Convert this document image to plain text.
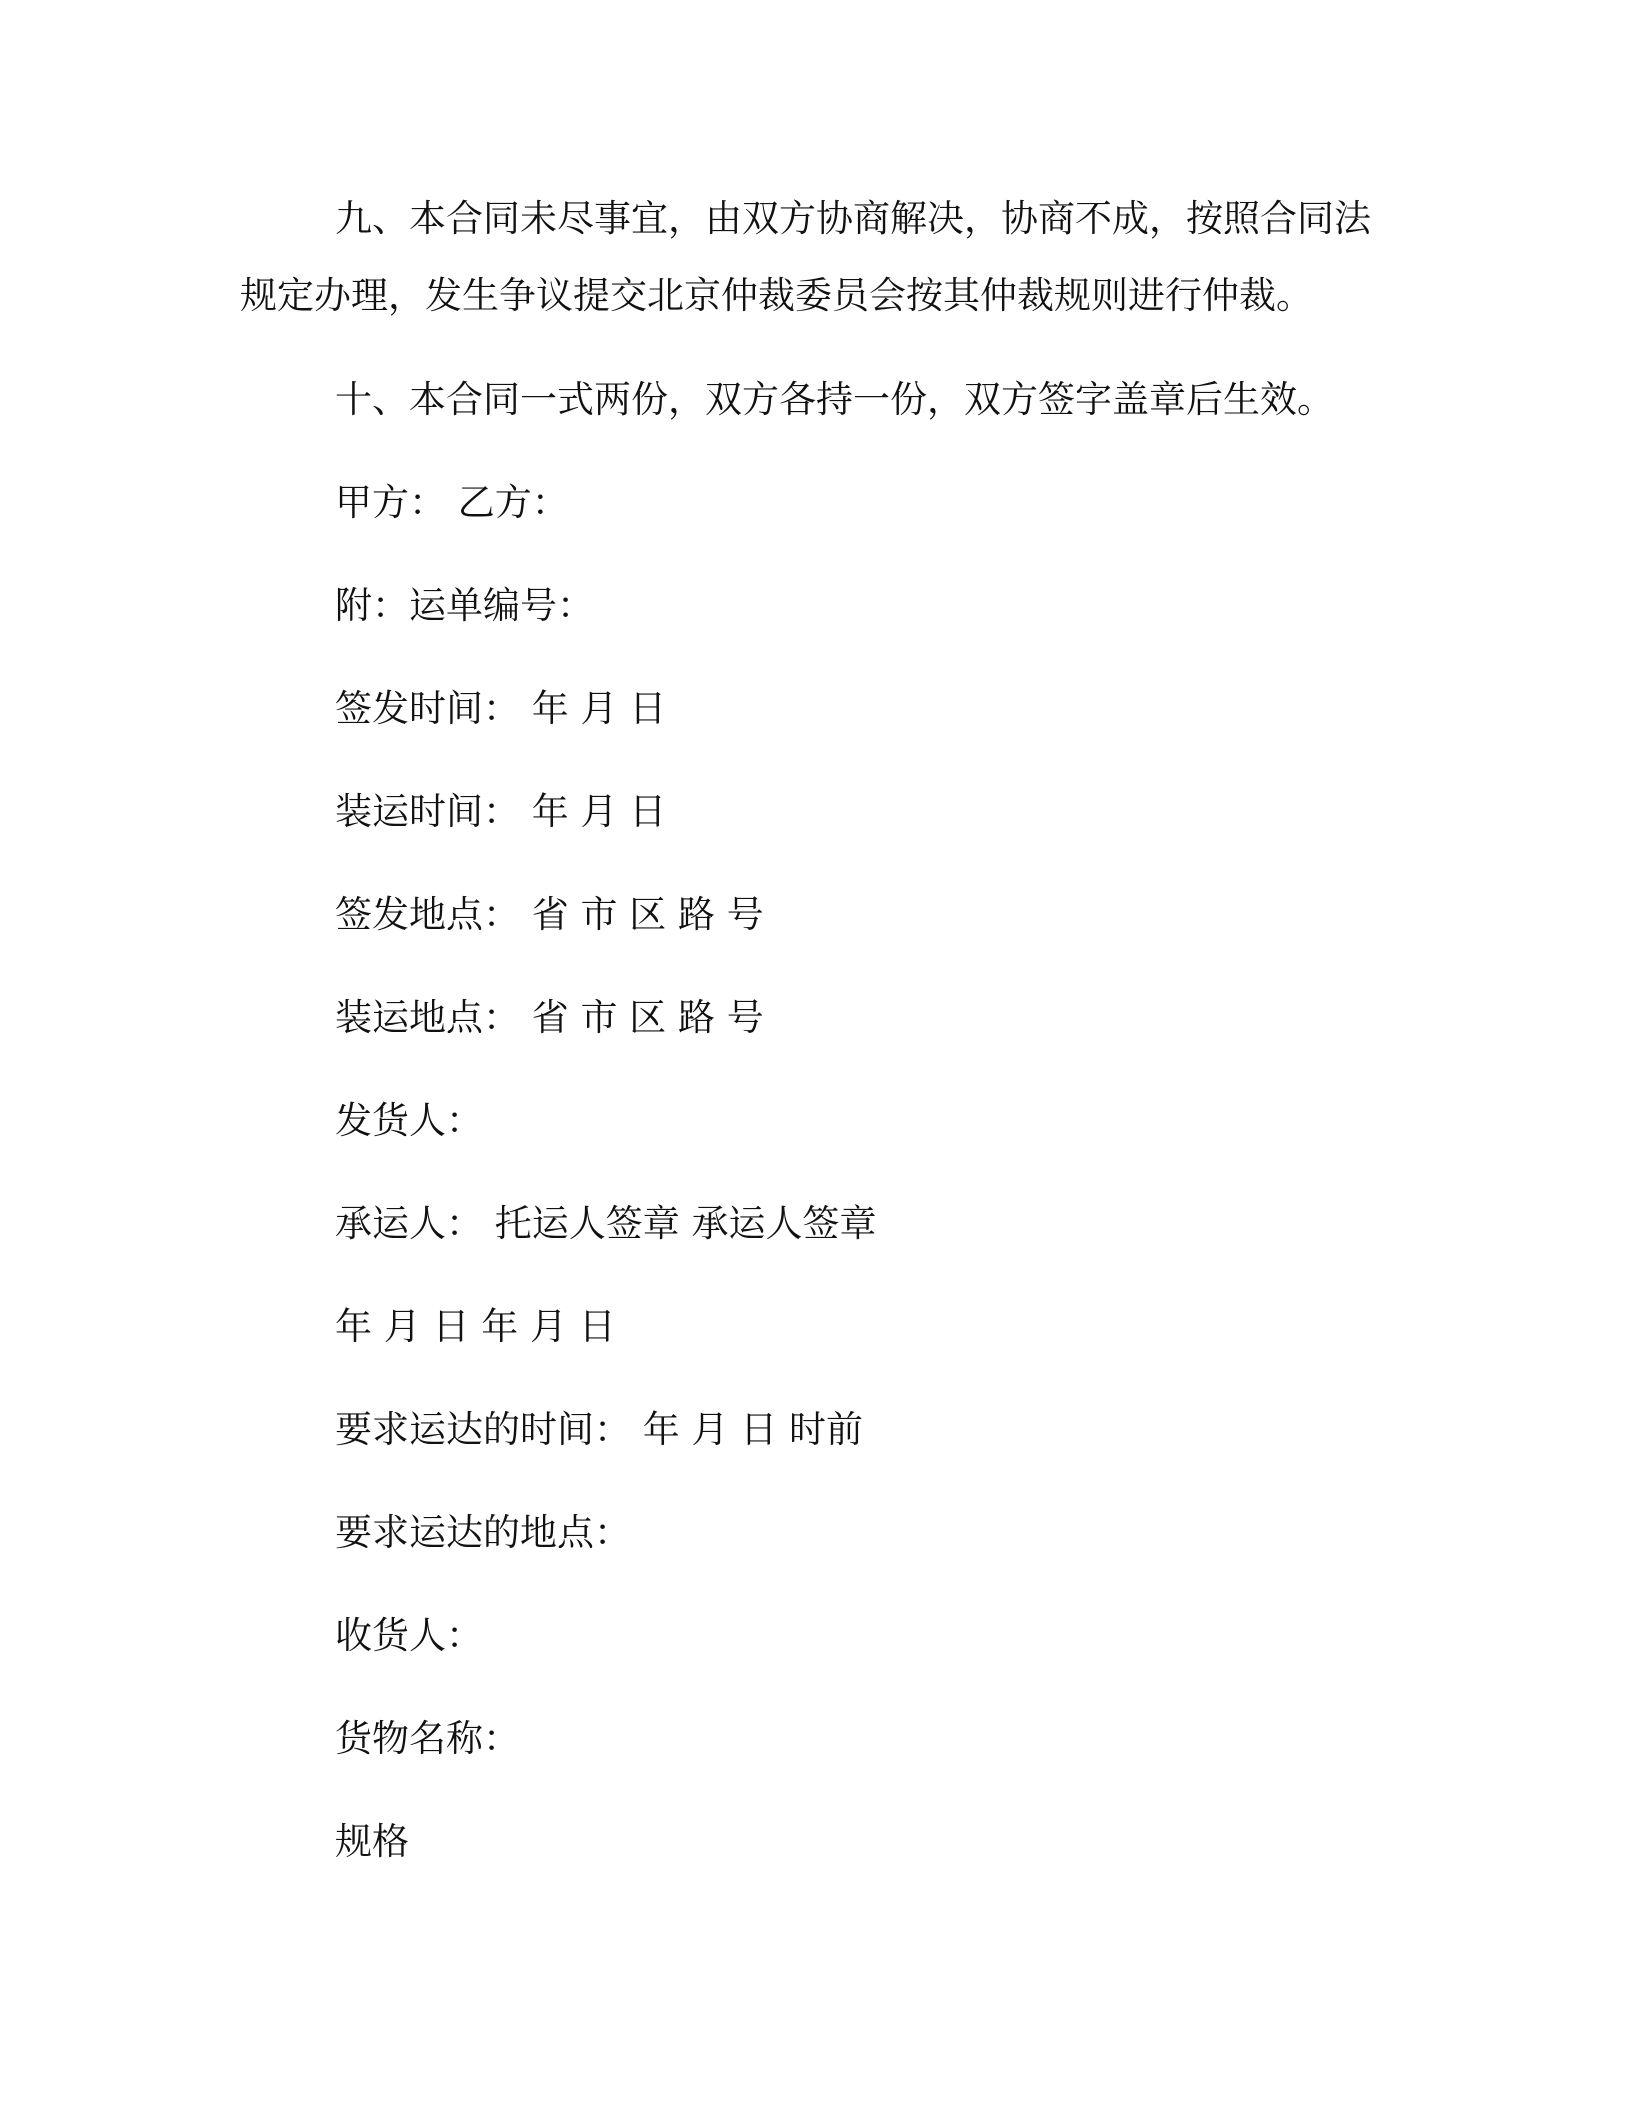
九、本合同未尽事宜，由双方协商解决，协商不成，按照合同法
规定办理，发生争议提交北京仲裁委员会按其仲裁规则进行仲裁。
十、本合同一式两份，双方各持一份，双方签字盖章后生效。
甲方： 乙方：
附：运单编号：
签发时间： 年 月 日
装运时间： 年 月 日
签发地点： 省 市 区 路 号
装运地点： 省 市 区 路 号
发货人：
承运人： 托运人签章 承运人签章
年 月 日 年 月 日
要求运达的时间： 年 月 日 时前
要求运达的地点：
收货人：
货物名称：
规格
